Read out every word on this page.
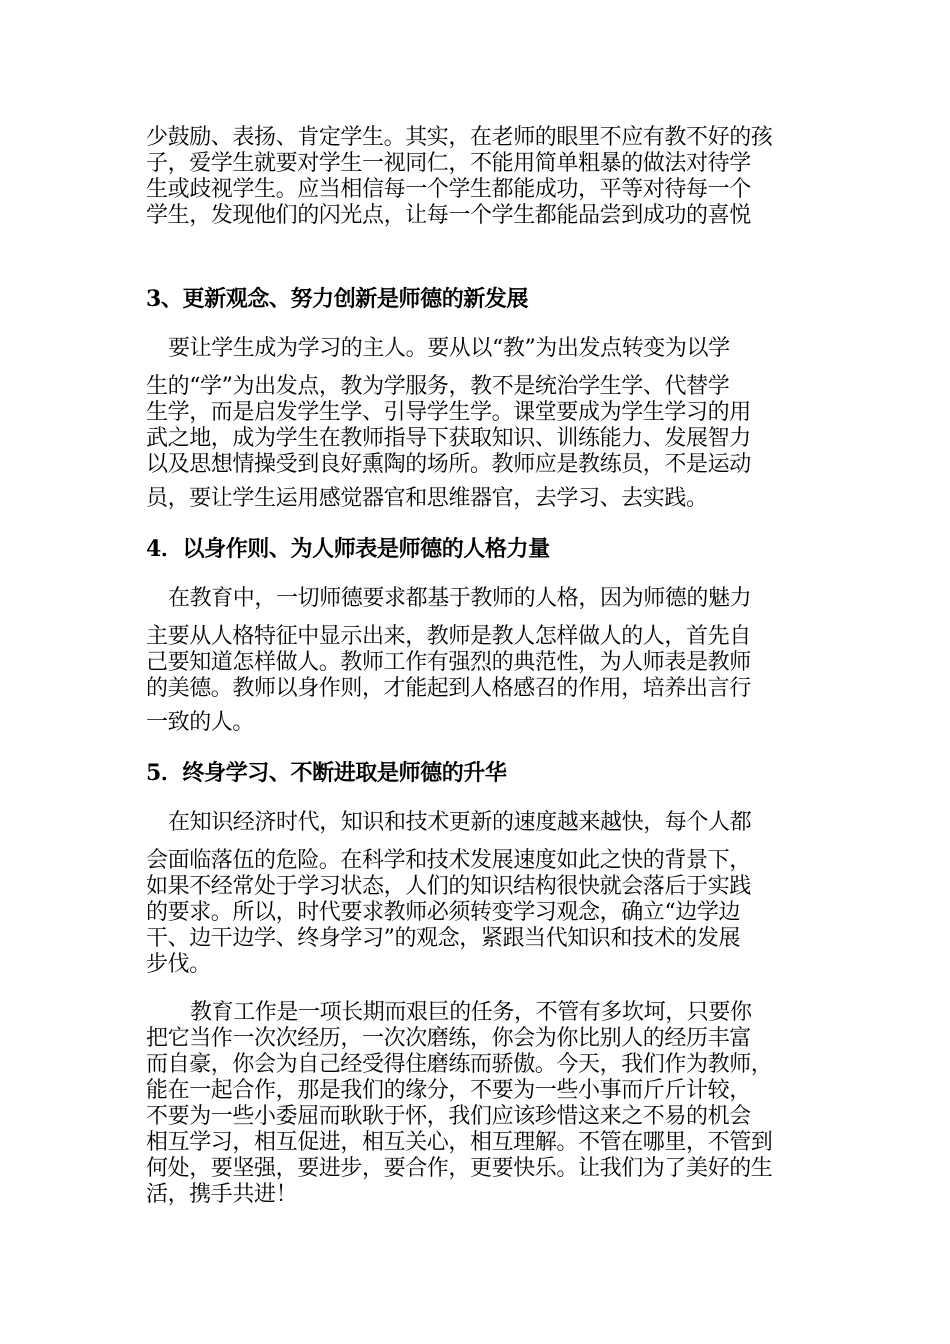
少鼓励、表扬、肯定学生。其实，在老师的眼里不应有教不好的孩
子，爱学生就要对学生一视同仁，不能用简单粗暴的做法对待学
生或歧视学生。应当相信每一个学生都能成功，平等对待每一个
学生，发现他们的闪光点，让每一个学生都能品尝到成功的喜悦
3、更新观念、努力创新是师德的新发展
要让学生成为学习的主人。要从以“教”为出发点转变为以学
生的“学”为出发点，教为学服务，教不是统治学生学、代替学
生学，而是启发学生学、引导学生学。课堂要成为学生学习的用
武之地，成为学生在教师指导下获取知识、训练能力、发展智力
以及思想情操受到良好熏陶的场所。教师应是教练员，不是运动
员，要让学生运用感觉器官和思维器官，去学习、去实践。
4．以身作则、为人师表是师德的人格力量
在教育中，一切师德要求都基于教师的人格，因为师德的魅力
主要从人格特征中显示出来，教师是教人怎样做人的人，首先自
己要知道怎样做人。教师工作有强烈的典范性，为人师表是教师
的美德。教师以身作则，才能起到人格感召的作用，培养出言行
一致的人。
5．终身学习、不断进取是师德的升华
在知识经济时代，知识和技术更新的速度越来越快，每个人都
会面临落伍的危险。在科学和技术发展速度如此之快的背景下，
如果不经常处于学习状态，人们的知识结构很快就会落后于实践
的要求。所以，时代要求教师必须转变学习观念，确立“边学边
干、边干边学、终身学习”的观念，紧跟当代知识和技术的发展
步伐。
教育工作是一项长期而艰巨的任务，不管有多坎坷，只要你
把它当作一次次经历，一次次磨练，你会为你比别人的经历丰富
而自豪，你会为自己经受得住磨练而骄傲。今天，我们作为教师，
能在一起合作，那是我们的缘分，不要为一些小事而斤斤计较，
不要为一些小委屈而耿耿于怀，我们应该珍惜这来之不易的机会
相互学习，相互促进，相互关心，相互理解。不管在哪里，不管到
何处，要坚强，要进步，要合作，更要快乐。让我们为了美好的生
活，携手共进！
